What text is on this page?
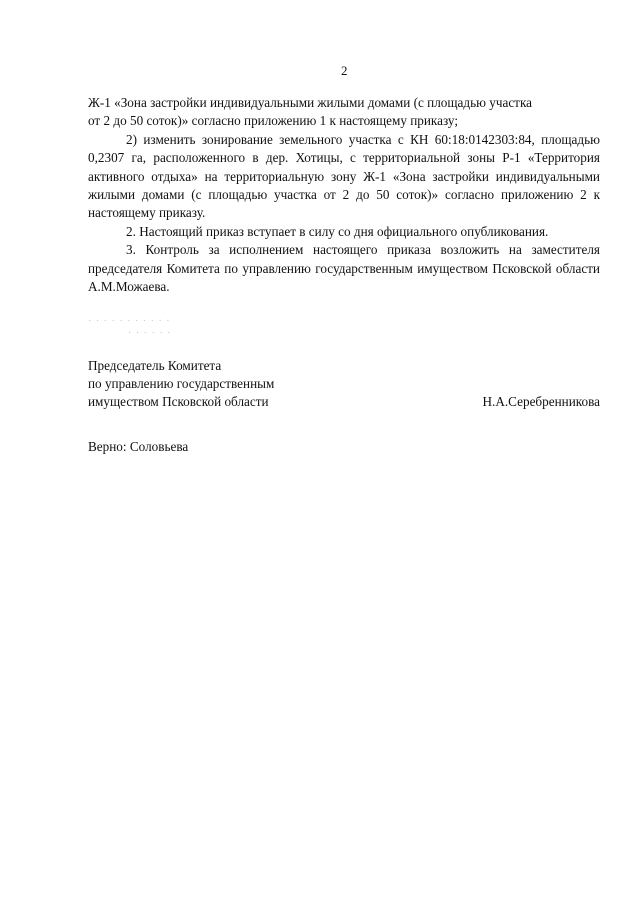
2

Ж-1 «Зона застройки индивидуальными жилыми домами (с площадью участка

от 2 до 50 соток)» согласно приложению 1 к настоящему приказу;

2) изменить зонирование земельного участка с КН 60:18:0142303:84, площадью 0,2307 га, расположенного в дер. Хотицы, с территориальной зоны Р-1 «Территория активного отдыха» на территориальную зону Ж-1 «Зона застройки индивидуальными жилыми домами (с площадью участка от 2 до 50 соток)» согласно приложению 2 к настоящему приказу.

2. Настоящий приказ вступает в силу со дня официального опубликования.

3. Контроль за исполнением настоящего приказа возложить на заместителя председателя Комитета по управлению государственным имуществом Псковской области А.М.Можаева.

· · · · · · · · · · ·
· · · · · ·
Председатель Комитета
по управлению государственным
имуществом Псковской области	Н.А.Серебренникова
Верно: Соловьева
